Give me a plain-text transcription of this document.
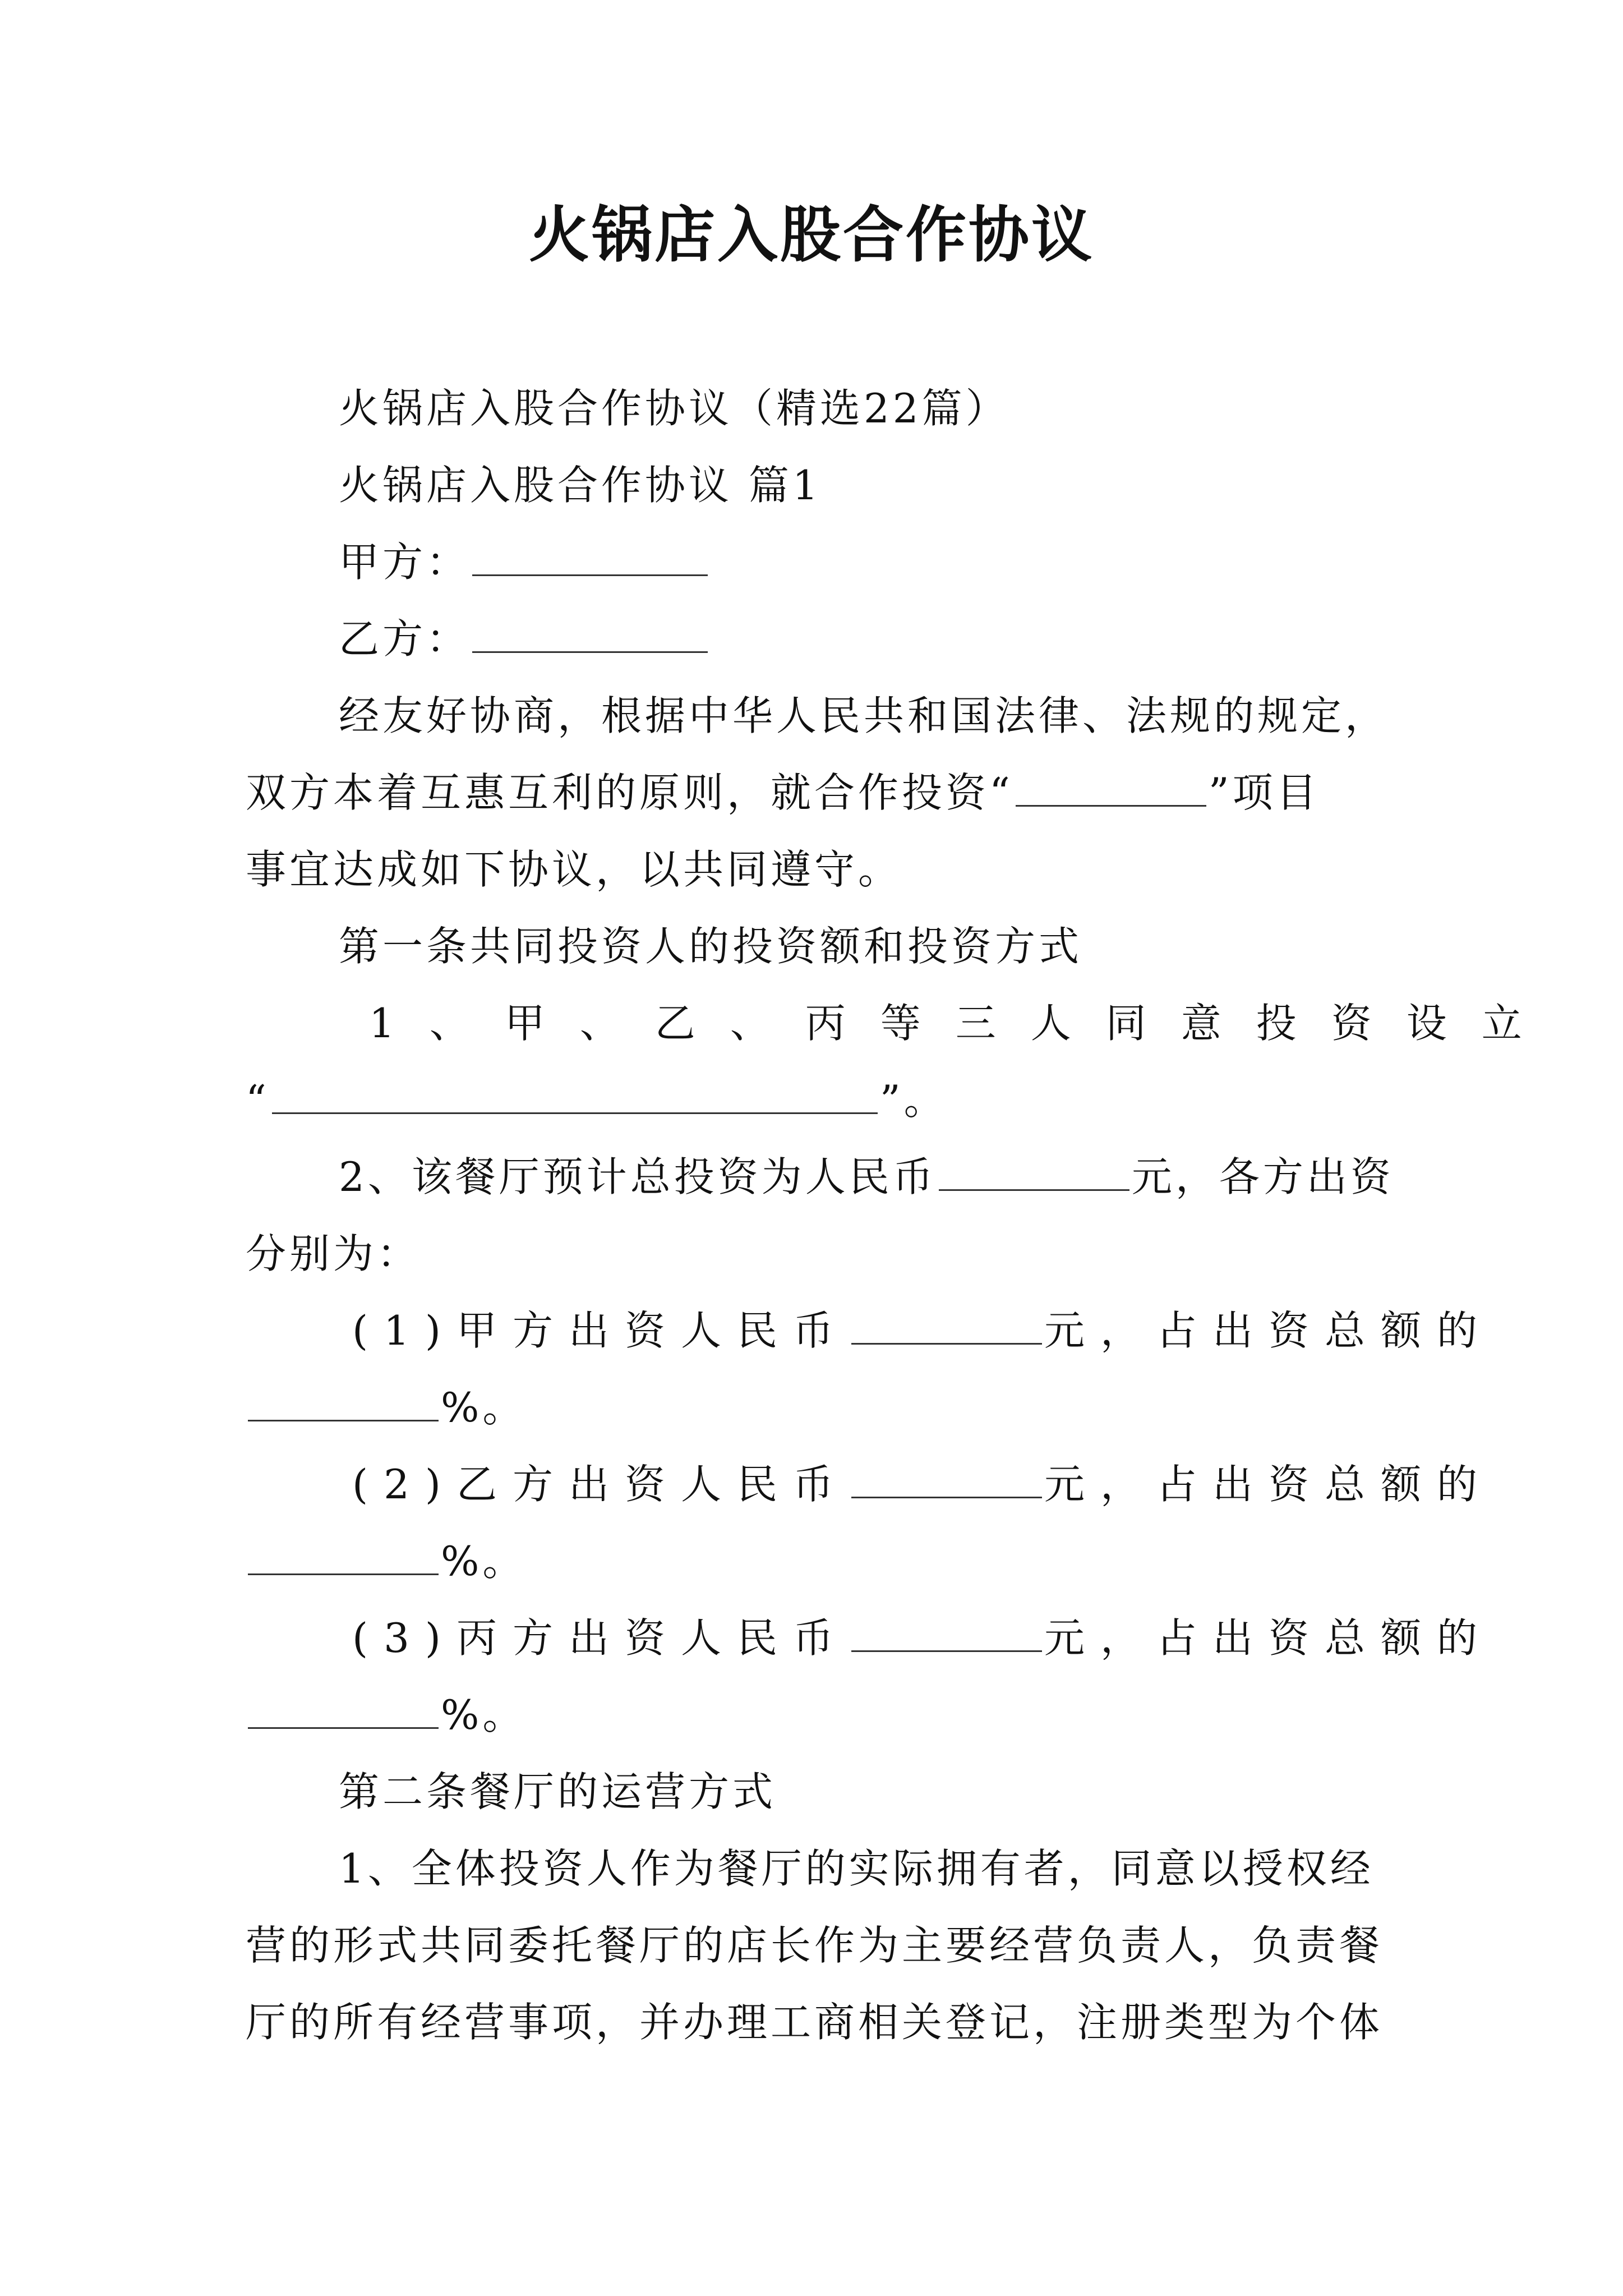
火锅店入股合作协议

火锅店入股合作协议（精选22篇）

火锅店入股合作协议 篇1

甲方：

乙方：

经友好协商，根据中华人民共和国法律、法规的规定，

双方本着互惠互利的原则，就合作投资“	”项目

事宜达成如下协议，以共同遵守。

第一条共同投资人的投资额和投资方式

1、甲、乙、丙等三人同意投资设立

“	”。

2、该餐厅预计总投资为人民币	元，各方出资

分别为：

(1)甲方出资人民币	元，占出资总额的

%。

(2)乙方出资人民币	元，占出资总额的

%。

(3)丙方出资人民币	元，占出资总额的

%。

第二条餐厅的运营方式

1、全体投资人作为餐厅的实际拥有者，同意以授权经

营的形式共同委托餐厅的店长作为主要经营负责人，负责餐

厅的所有经营事项，并办理工商相关登记，注册类型为个体
